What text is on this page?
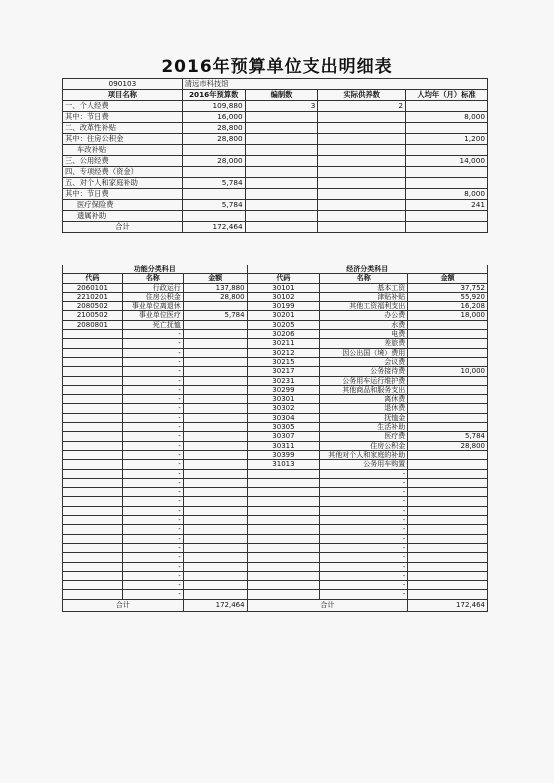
2016年预算单位支出明细表
090103	清远市科技馆			
项目名称	2016年预算数	编制数	实际供养数	人均年（月）标准
一、个人经费	109,880	3	2	
其中：节日费	16,000			8,000
二、改革性补贴	28,800			
其中：住房公积金	28,800			1,200
车改补贴				
三、公用经费	28,000			14,000
四、专项经费（资金）				
五、对个人和家庭补助	5,784			
其中：节日费				8,000
医疗保险费	5,784			241
遗属补助				
合计	172,464			
功能分类科目			经济分类科目		
代码	名称	金额	代码	名称	金额
2060101	行政运行	137,880	30101	基本工资	37,752
2210201	住房公积金	28,800	30102	津贴补贴	55,920
2080502	事业单位离退休		30199	其他工资福利支出	16,208
2100502	事业单位医疗	5,784	30201	办公费	18,000
2080801	死亡抚恤		30205	水费	
	-		30206	电费	
	-		30211	差旅费	
	-		30212	因公出国（境）费用	
	-		30215	会议费	
	-		30217	公务接待费	10,000
	-		30231	公务用车运行维护费	
	-		30299	其他商品和服务支出	
	-		30301	离休费	
	-		30302	退休费	
	-		30304	抚恤金	
	-		30305	生活补助	
	-		30307	医疗费	5,784
	-		30311	住房公积金	28,800
	-		30399	其他对个人和家庭的补助	
	-		31013	公务用车购置	
	-			-	
	-			-	
	-			-	
	-			-	
	-			-	
	-			-	
	-			-	
	-			-	
	-			-	
	-			-	
	-			-	
	-			-	
	-			-	
	-			-	
合计		172,464	合计		172,464
